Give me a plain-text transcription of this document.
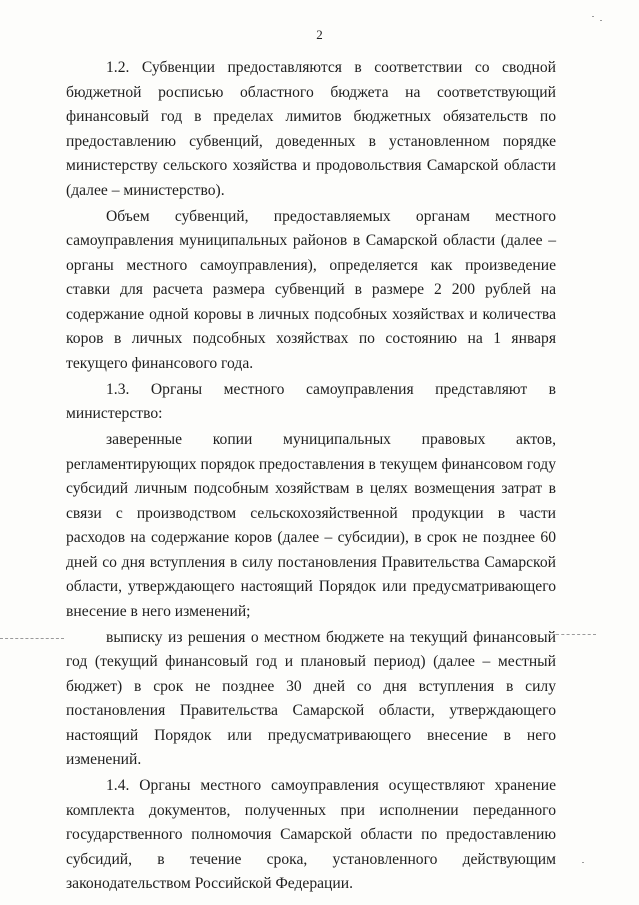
2

1.2. Субвенции предоставляются в соответствии со сводной бюджетной росписью областного бюджета на соответствующий финансовый год в пределах лимитов бюджетных обязательств по предоставлению субвенций, доведенных в установленном порядке министерству сельского хозяйства и продовольствия Самарской области (далее – министерство).

Объем субвенций, предоставляемых органам местного самоуправления муниципальных районов в Самарской области (далее – органы местного самоуправления), определяется как произведение ставки для расчета размера субвенций в размере 2 200 рублей на содержание одной коровы в личных подсобных хозяйствах и количества коров в личных подсобных хозяйствах по состоянию на 1 января текущего финансового года.

1.3. Органы местного самоуправления представляют в министерство:

заверенные копии муниципальных правовых актов, регламентирующих порядок предоставления в текущем финансовом году субсидий личным подсобным хозяйствам в целях возмещения затрат в связи с производством сельскохозяйственной продукции в части расходов на содержание коров (далее – субсидии), в срок не позднее 60 дней со дня вступления в силу постановления Правительства Самарской области, утверждающего настоящий Порядок или предусматривающего внесение в него изменений;

выписку из решения о местном бюджете на текущий финансовый год (текущий финансовый год и плановый период) (далее – местный бюджет) в срок не позднее 30 дней со дня вступления в силу постановления Правительства Самарской области, утверждающего настоящий Порядок или предусматривающего внесение в него изменений.

1.4. Органы местного самоуправления осуществляют хранение комплекта документов, полученных при исполнении переданного государственного полномочия Самарской области по предоставлению субсидий, в течение срока, установленного действующим законодательством Российской Федерации.
